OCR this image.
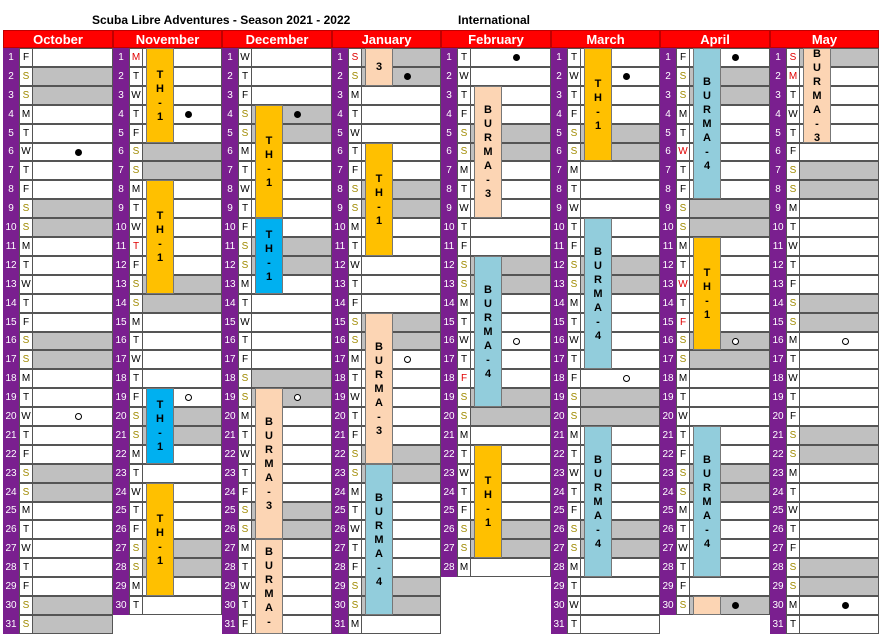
Scuba Libre Adventures - Season 2021 - 2022	International
October
1 F
2 S
3 S
4 M
5 T
6 W
7 T
8 F
9 S
10 S
11 M
12 T
13 W
14 T
15 F
16 S
17 S
18 M
19 T
20 W
21 T
22 F
23 S
24 S
25 M
26 T
27 W
28 T
29 F
30 S
31 S
November
1 M
2 T
3 W
4 T
5 F
6 S
7 S
8 M
9 T
10 W
11 T
12 F
13 S
14 S
15 M
16 T
17 W
18 T
19 F
20 S
21 S
22 M
23 T
24 W
25 T
26 F
27 S
28 S
29 M
30 T
December
1 W
2 T
3 F
4 S
5 S
6 M
7 T
8 W
9 T
10 F
11 S
12 S
13 M
14 T
15 W
16 T
17 F
18 S
19 S
20 M
21 T
22 W
23 T
24 F
25 S
26 S
27 M
28 T
29 W
30 T
31 F
January
1 S
2 S
3 M
4 T
5 W
6 T
7 F
8 S
9 S
10 M
11 T
12 W
13 T
14 F
15 S
16 S
17 M
18 T
19 W
20 T
21 F
22 S
23 S
24 M
25 T
26 W
27 T
28 F
29 S
30 S
31 M
February
1 T
2 W
3 T
4 F
5 S
6 S
7 M
8 T
9 W
10 T
11 F
12 S
13 S
14 M
15 T
16 W
17 T
18 F
19 S
20 S
21 M
22 T
23 W
24 T
25 F
26 S
27 S
28 M
March
1 T
2 W
3 T
4 F
5 S
6 S
7 M
8 T
9 W
10 T
11 F
12 S
13 S
14 M
15 T
16 W
17 T
18 F
19 S
20 S
21 M
22 T
23 W
24 T
25 F
26 S
27 S
28 M
29 T
30 W
31 T
April
1 F
2 S
3 S
4 M
5 T
6 W
7 T
8 F
9 S
10 S
11 M
12 T
13 W
14 T
15 F
16 S
17 S
18 M
19 T
20 W
21 T
22 F
23 S
24 S
25 M
26 T
27 W
28 T
29 F
30 S
May
1 S
2 M
3 T
4 W
5 T
6 F
7 S
8 S
9 M
10 T
11 W
12 T
13 F
14 S
15 S
16 M
17 T
18 W
19 T
20 F
21 S
22 S
23 M
24 T
25 W
26 T
27 F
28 S
29 S
30 M
31 T
T
H
-
1
T
H
-
1
T
H
-
1
T
H
-
1
T
H
-
1
T
H
-
1
B
U
R
M
A
-
3
B
U
R
M
A
-
3
T
H
-
1
B
U
R
M
A
-
3
B
U
R
M
A
-
4
B
U
R
M
A
-
3
B
U
R
M
A
-
4
T
H
-
1
T
H
-
1
B
U
R
M
A
-
4
B
U
R
M
A
-
4
B
U
R
M
A
-
4
T
H
-
1
B
U
R
M
A
-
4
B
U
R
M
A
-
3
